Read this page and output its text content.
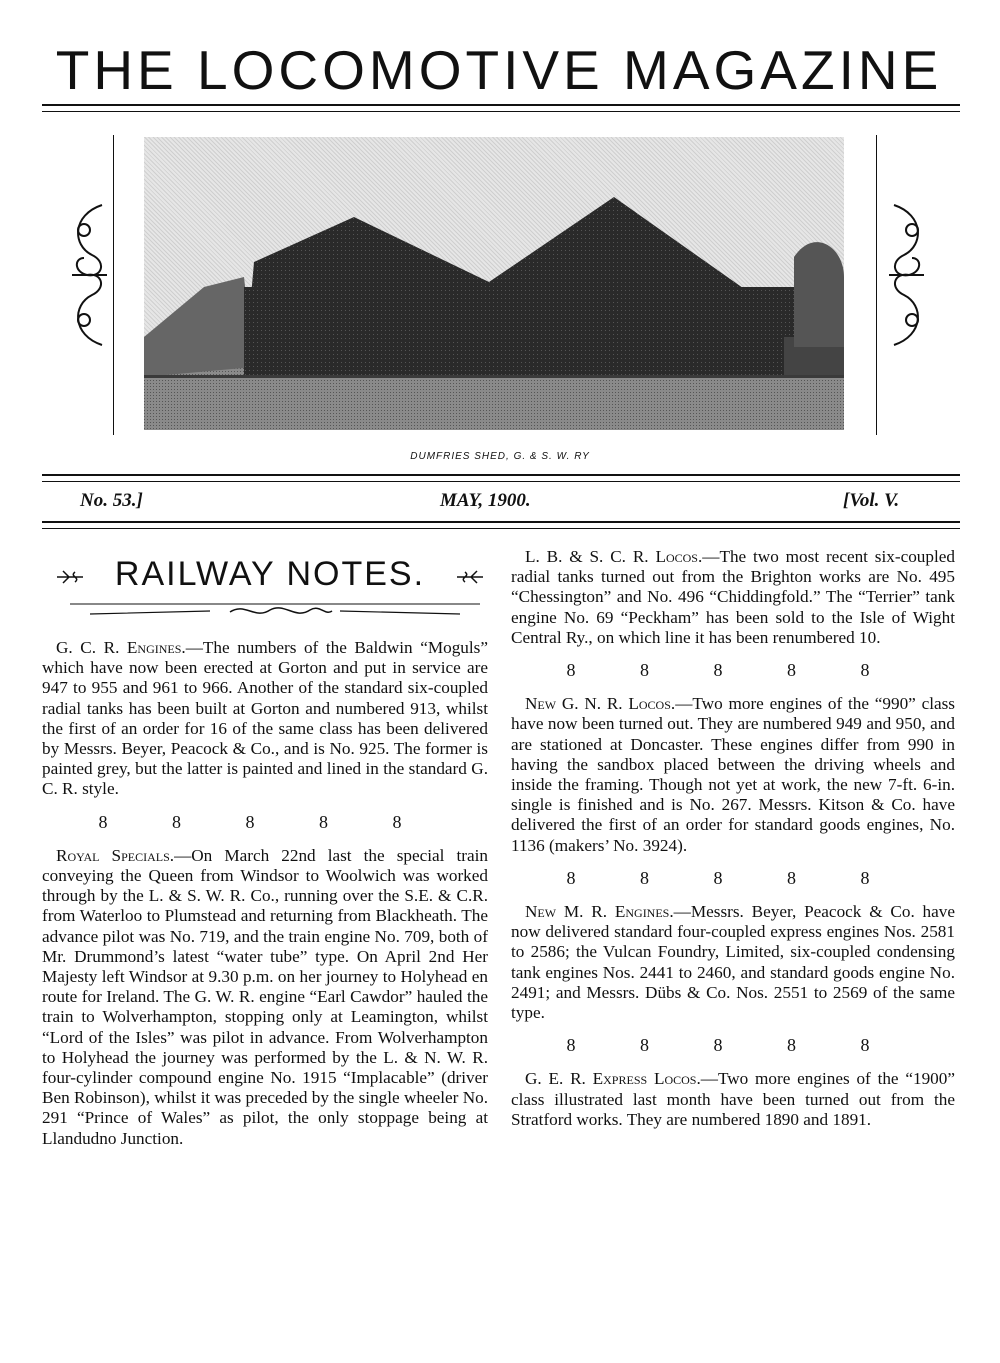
THE LOCOMOTIVE MAGAZINE
DUMFRIES SHED, G. & S. W. RY
No. 53.]	MAY, 1900.	[Vol. V.
RAILWAY NOTES.

G. C. R. Engines.—The numbers of the Baldwin “Moguls” which have now been erected at Gorton and put in service are 947 to 955 and 961 to 966. Another of the standard six-coupled radial tanks has been built at Gorton and numbered 913, whilst the first of an order for 16 of the same class has been delivered by Messrs. Beyer, Peacock & Co., and is No. 925. The former is painted grey, but the latter is painted and lined in the standard G. C. R. style.

8 8 8 8 8

Royal Specials.—On March 22nd last the special train conveying the Queen from Windsor to Woolwich was worked through by the L. & S. W. R. Co., running over the S.E. & C.R. from Waterloo to Plumstead and returning from Blackheath. The advance pilot was No. 719, and the train engine No. 709, both of Mr. Drummond’s latest “water tube” type. On April 2nd Her Majesty left Windsor at 9.30 p.m. on her journey to Holyhead en route for Ireland. The G. W. R. engine “Earl Cawdor” hauled the train to Wolverhampton, stopping only at Leamington, whilst “Lord of the Isles” was pilot in advance. From Wolverhampton to Holyhead the journey was performed by the L. & N. W. R. four-cylinder compound engine No. 1915 “Implacable” (driver Ben Robinson), whilst it was preceded by the single wheeler No. 291 “Prince of Wales” as pilot, the only stoppage being at Llandudno Junction.

L. B. & S. C. R. Locos.—The two most recent six-coupled radial tanks turned out from the Brighton works are No. 495 “Chessington” and No. 496 “Chiddingfold.” The “Terrier” tank engine No. 69 “Peckham” has been sold to the Isle of Wight Central Ry., on which line it has been renumbered 10.

8 8 8 8 8

New G. N. R. Locos.—Two more engines of the “990” class have now been turned out. They are numbered 949 and 950, and are stationed at Doncaster. These engines differ from 990 in having the sandbox placed between the driving wheels and inside the framing. Though not yet at work, the new 7-ft. 6-in. single is finished and is No. 267. Messrs. Kitson & Co. have delivered the first of an order for standard goods engines, No. 1136 (makers’ No. 3924).

8 8 8 8 8

New M. R. Engines.—Messrs. Beyer, Peacock & Co. have now delivered standard four-coupled express engines Nos. 2581 to 2586; the Vulcan Foundry, Limited, six-coupled condensing tank engines Nos. 2441 to 2460, and standard goods engine No. 2491; and Messrs. Dübs & Co. Nos. 2551 to 2569 of the same type.

8 8 8 8 8

G. E. R. Express Locos.—Two more engines of the “1900” class illustrated last month have been turned out from the Stratford works. They are numbered 1890 and 1891.
